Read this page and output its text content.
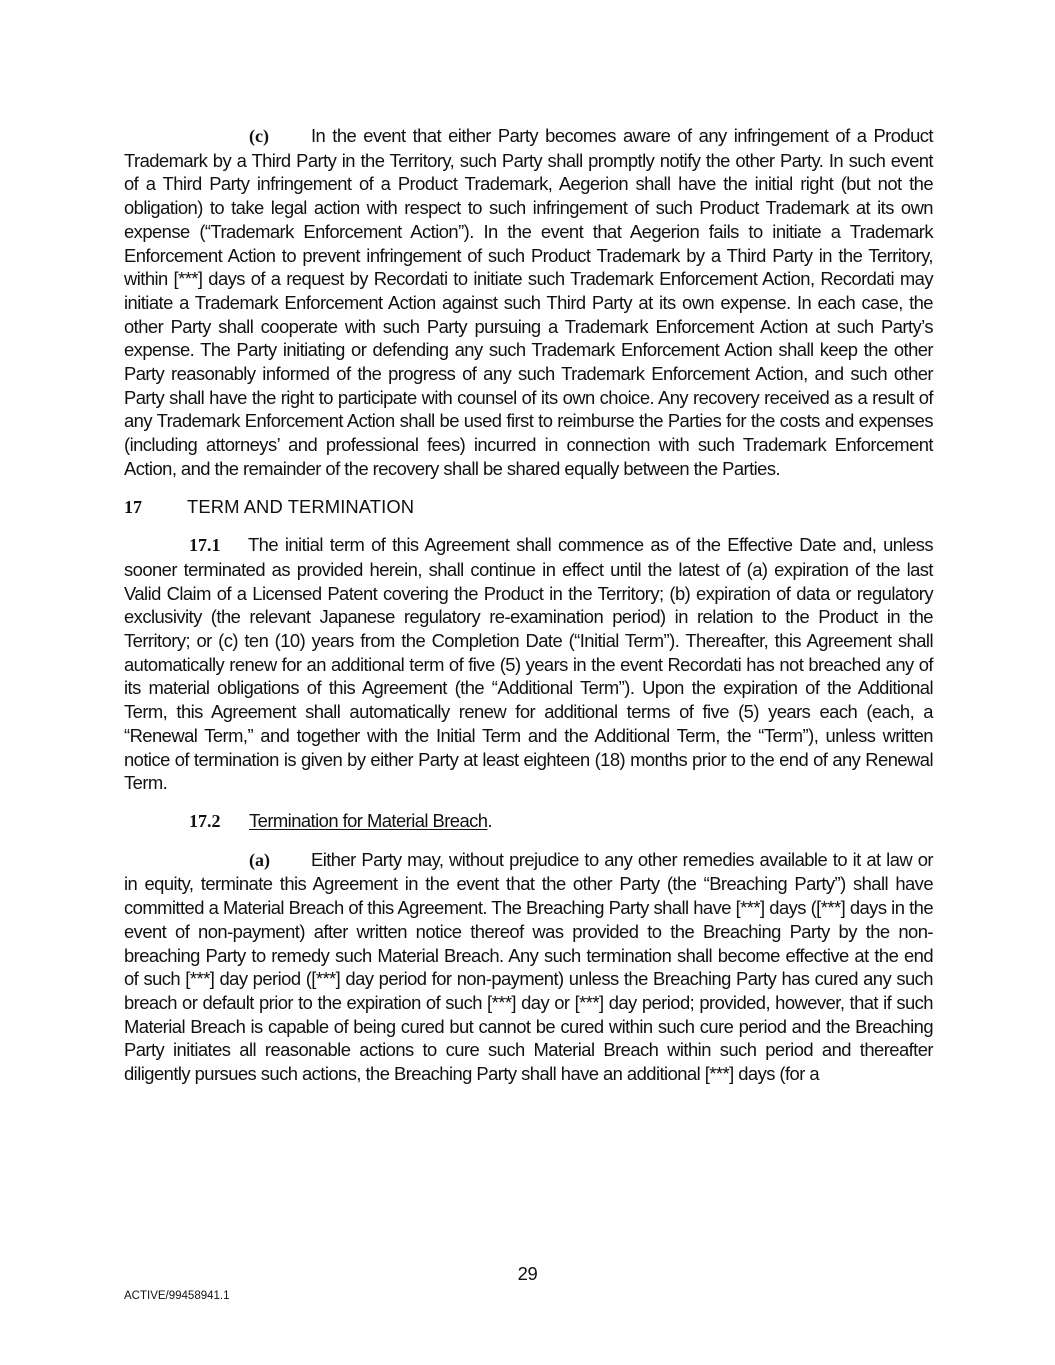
(c) In the event that either Party becomes aware of any infringement of a Product Trademark by a Third Party in the Territory, such Party shall promptly notify the other Party. In such event of a Third Party infringement of a Product Trademark, Aegerion shall have the initial right (but not the obligation) to take legal action with respect to such infringement of such Product Trademark at its own expense (“Trademark Enforcement Action”). In the event that Aegerion fails to initiate a Trademark Enforcement Action to prevent infringement of such Product Trademark by a Third Party in the Territory, within [***] days of a request by Recordati to initiate such Trademark Enforcement Action, Recordati may initiate a Trademark Enforcement Action against such Third Party at its own expense. In each case, the other Party shall cooperate with such Party pursuing a Trademark Enforcement Action at such Party’s expense. The Party initiating or defending any such Trademark Enforcement Action shall keep the other Party reasonably informed of the progress of any such Trademark Enforcement Action, and such other Party shall have the right to participate with counsel of its own choice. Any recovery received as a result of any Trademark Enforcement Action shall be used first to reimburse the Parties for the costs and expenses (including attorneys’ and professional fees) incurred in connection with such Trademark Enforcement Action, and the remainder of the recovery shall be shared equally between the Parties.

17	TERM AND TERMINATION

17.1 The initial term of this Agreement shall commence as of the Effective Date and, unless sooner terminated as provided herein, shall continue in effect until the latest of (a) expiration of the last Valid Claim of a Licensed Patent covering the Product in the Territory; (b) expiration of data or regulatory exclusivity (the relevant Japanese regulatory re-examination period) in relation to the Product in the Territory; or (c) ten (10) years from the Completion Date (“Initial Term”). Thereafter, this Agreement shall automatically renew for an additional term of five (5) years in the event Recordati has not breached any of its material obligations of this Agreement (the “Additional Term”). Upon the expiration of the Additional Term, this Agreement shall automatically renew for additional terms of five (5) years each (each, a “Renewal Term,” and together with the Initial Term and the Additional Term, the “Term”), unless written notice of termination is given by either Party at least eighteen (18) months prior to the end of any Renewal Term.

17.2 Termination for Material Breach.

(a) Either Party may, without prejudice to any other remedies available to it at law or in equity, terminate this Agreement in the event that the other Party (the “Breaching Party”) shall have committed a Material Breach of this Agreement. The Breaching Party shall have [***] days ([***] days in the event of non-payment) after written notice thereof was provided to the Breaching Party by the non-breaching Party to remedy such Material Breach. Any such termination shall become effective at the end of such [***] day period ([***] day period for non-payment) unless the Breaching Party has cured any such breach or default prior to the expiration of such [***] day or [***] day period; provided, however, that if such Material Breach is capable of being cured but cannot be cured within such cure period and the Breaching Party initiates all reasonable actions to cure such Material Breach within such period and thereafter diligently pursues such actions, the Breaching Party shall have an additional [***] days (for a

29
ACTIVE/99458941.1
